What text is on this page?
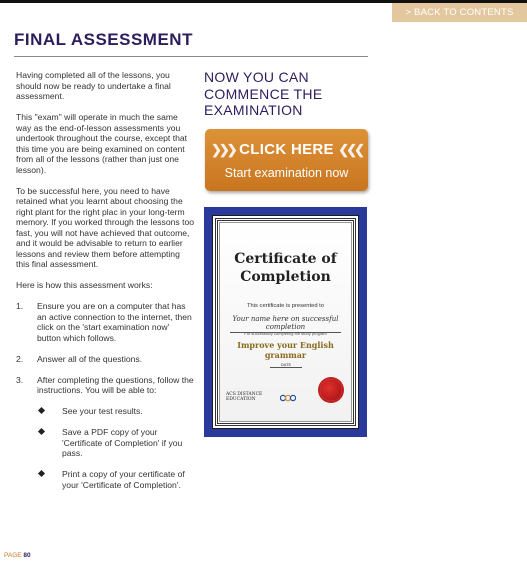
> BACK TO CONTENTS PAGE
FINAL ASSESSMENT

Having completed all of the lessons, you should now be ready to undertake a final assessment.

This "exam" will operate in much the same way as the end-of-lesson assessments you undertook throughout the course, except that this time you are being examined on content from all of the lessons (rather than just one lesson).

To be successful here, you need to have retained what you learnt about choosing the right plant for the right plac in your long-term memory. If you worked through the lessons too fast, you will not have achieved that outcome, and it would be advisable to return to earlier lessons and review them before attempting this final assessment.

Here is how this assessment works:

1. Ensure you are on a computer that has an active connection to the internet, then click on the 'start examination now' button which follows.
2. Answer all of the questions.
3. After completing the questions, follow the instructions. You will be able to:
See your test results.
Save a PDF copy of your 'Certificate of Completion' if you pass.
Print a copy of your certificate of your 'Certificate of Completion'.
NOW YOU CAN COMMENCE THE EXAMINATION
❯❯❯ CLICK HERE ❮❮❮
Start examination now
Certificate of
Completion
This certificate is presented to
Your name here on successful completion
For successfully completing the study program
Improve your English grammar
DATE
ACS DISTANCE
EDUCATION
PAGE 80
